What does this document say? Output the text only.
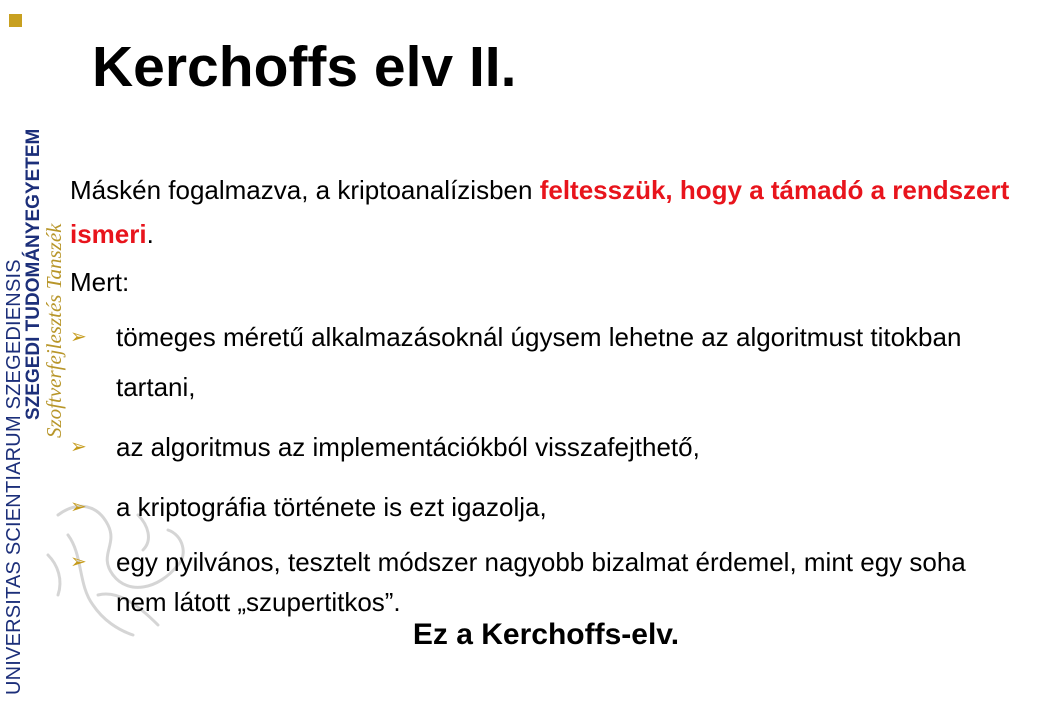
UNIVERSITAS SCIENTIARUM SZEGEDIENSIS
SZEGEDI TUDOMÁNYEGYETEM
Szoftverfejlesztés Tanszék
Kerchoffs elv II.

Máskén fogalmazva, a kriptoanalízisben feltesszük, hogy a támadó a rendszert ismeri.

Mert:

➢ tömeges méretű alkalmazásoknál úgysem lehetne az algoritmust titokban tartani,
➢ az algoritmus az implementációkból visszafejthető,
➢ a kriptográfia története is ezt igazolja,
➢ egy nyilvános, tesztelt módszer nagyobb bizalmat érdemel, mint egy soha nem látott „szupertitkos”.
Ez a Kerchoffs-elv.
